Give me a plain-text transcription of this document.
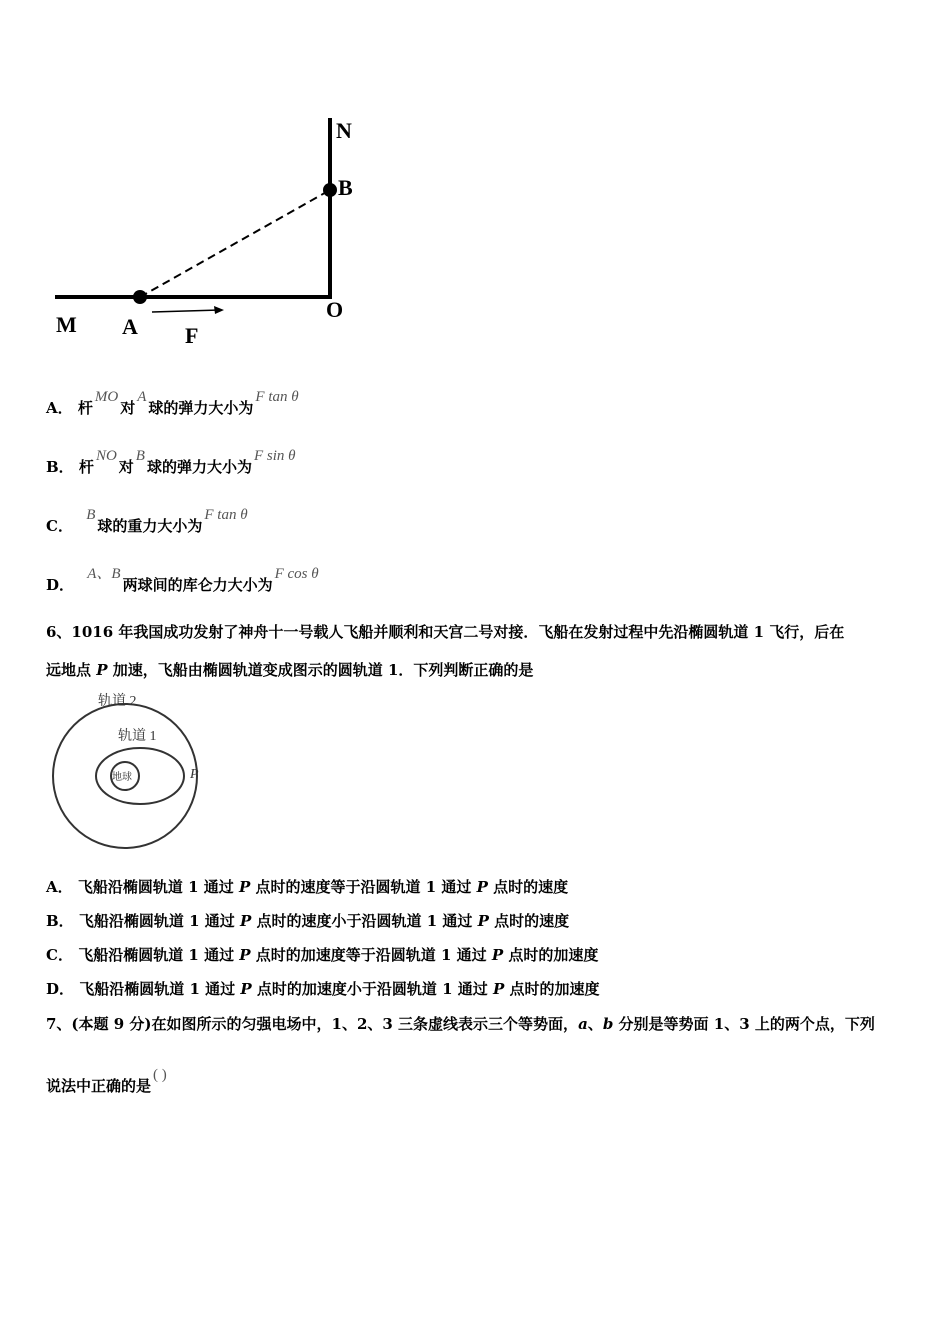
N
B
O
M A F
A． 杆MO对A球的弹力大小为F tan θ
B． 杆NO对B球的弹力大小为F sin θ
C． B球的重力大小为F tan θ
D． A、B两球间的库仑力大小为F cos θ
6、1016 年我国成功发射了神舟十一号载人飞船并顺利和天宫二号对接．飞船在发射过程中先沿椭圆轨道 1 飞行，后在
远地点 P 加速，飞船由椭圆轨道变成图示的圆轨道 1．下列判断正确的是
轨道 2
轨道 1
地球	P
A． 飞船沿椭圆轨道 1 通过 P 点时的速度等于沿圆轨道 1 通过 P 点时的速度
B． 飞船沿椭圆轨道 1 通过 P 点时的速度小于沿圆轨道 1 通过 P 点时的速度
C． 飞船沿椭圆轨道 1 通过 P 点时的加速度等于沿圆轨道 1 通过 P 点时的加速度
D． 飞船沿椭圆轨道 1 通过 P 点时的加速度小于沿圆轨道 1 通过 P 点时的加速度
7、(本题 9 分)在如图所示的匀强电场中，1、2、3 三条虚线表示三个等势面，a、b 分别是等势面 1、3 上的两个点，下列
说法中正确的是( )
